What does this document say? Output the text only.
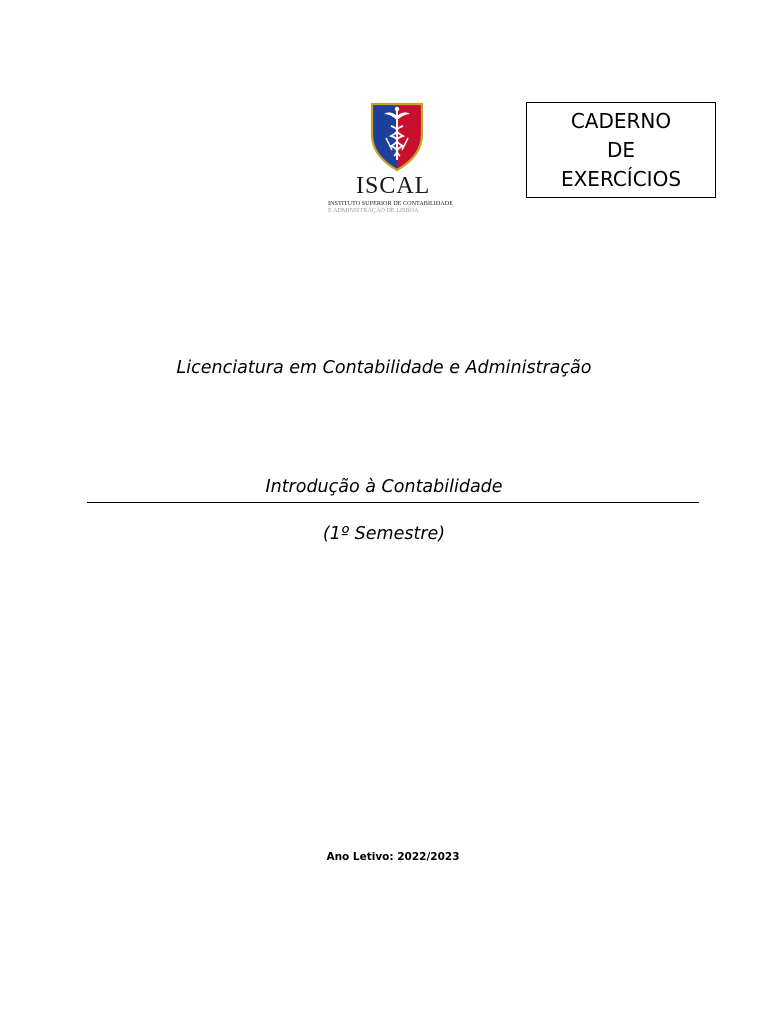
ISCAL
INSTITUTO SUPERIOR DE CONTABILIDADE
E ADMINISTRAÇÃO DE LISBOA
CADERNO
DE
EXERCÍCIOS
Licenciatura em Contabilidade e Administração
Introdução à Contabilidade
(1º Semestre)
Ano Letivo: 2022/2023
